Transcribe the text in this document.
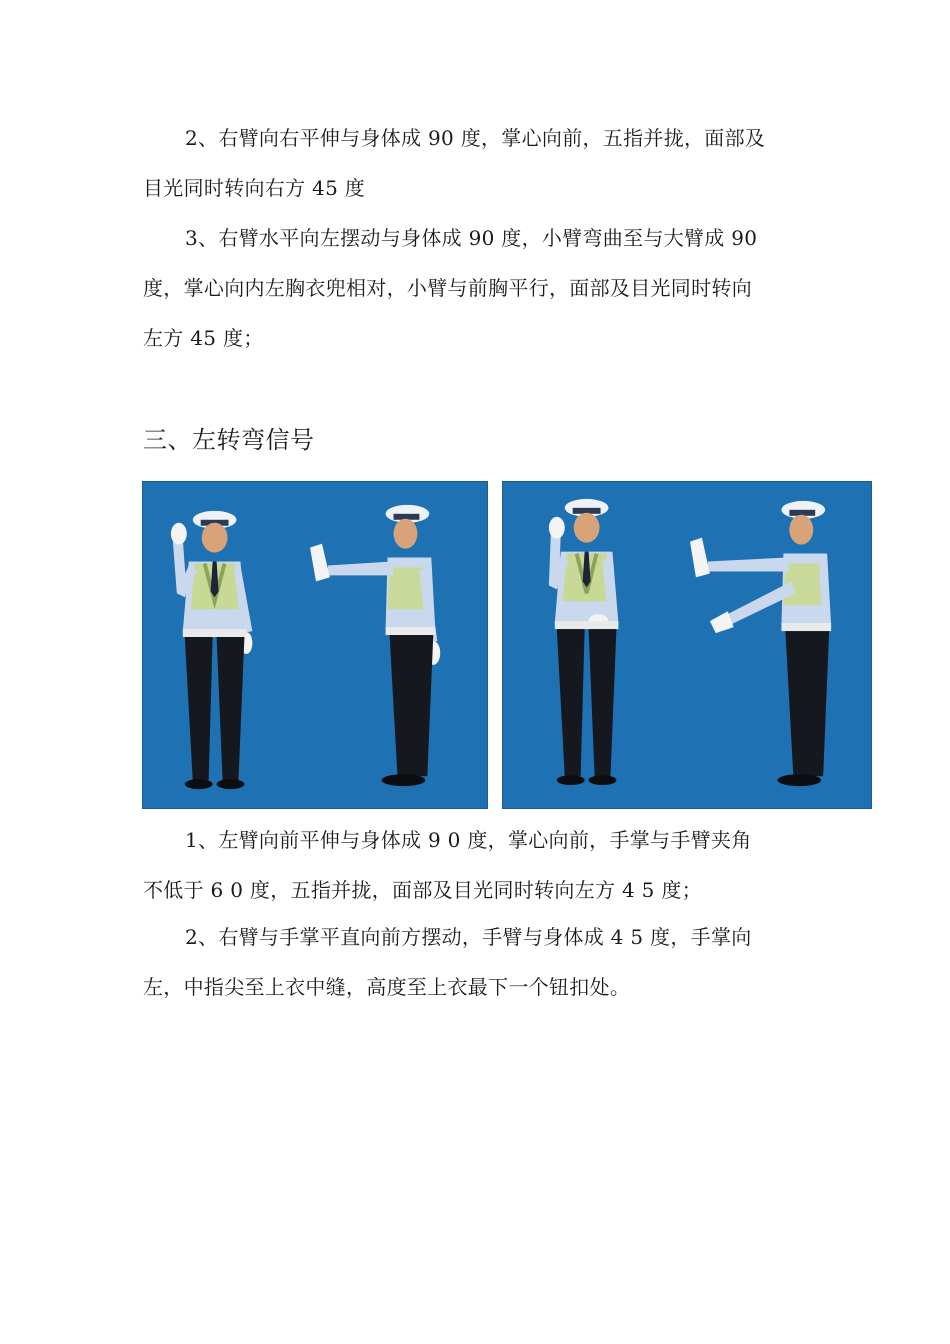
2、右臂向右平伸与身体成 90 度，掌心向前，五指并拢，面部及
目光同时转向右方 45 度

3、右臂水平向左摆动与身体成 90 度，小臂弯曲至与大臂成 90
度，掌心向内左胸衣兜相对，小臂与前胸平行，面部及目光同时转向
左方 45 度；

三、左转弯信号

1、左臂向前平伸与身体成 9 0 度，掌心向前，手掌与手臂夹角
不低于 6 0 度，五指并拢，面部及目光同时转向左方 4 5 度；

2、右臂与手掌平直向前方摆动，手臂与身体成 4 5 度，手掌向
左，中指尖至上衣中缝，高度至上衣最下一个钮扣处。
